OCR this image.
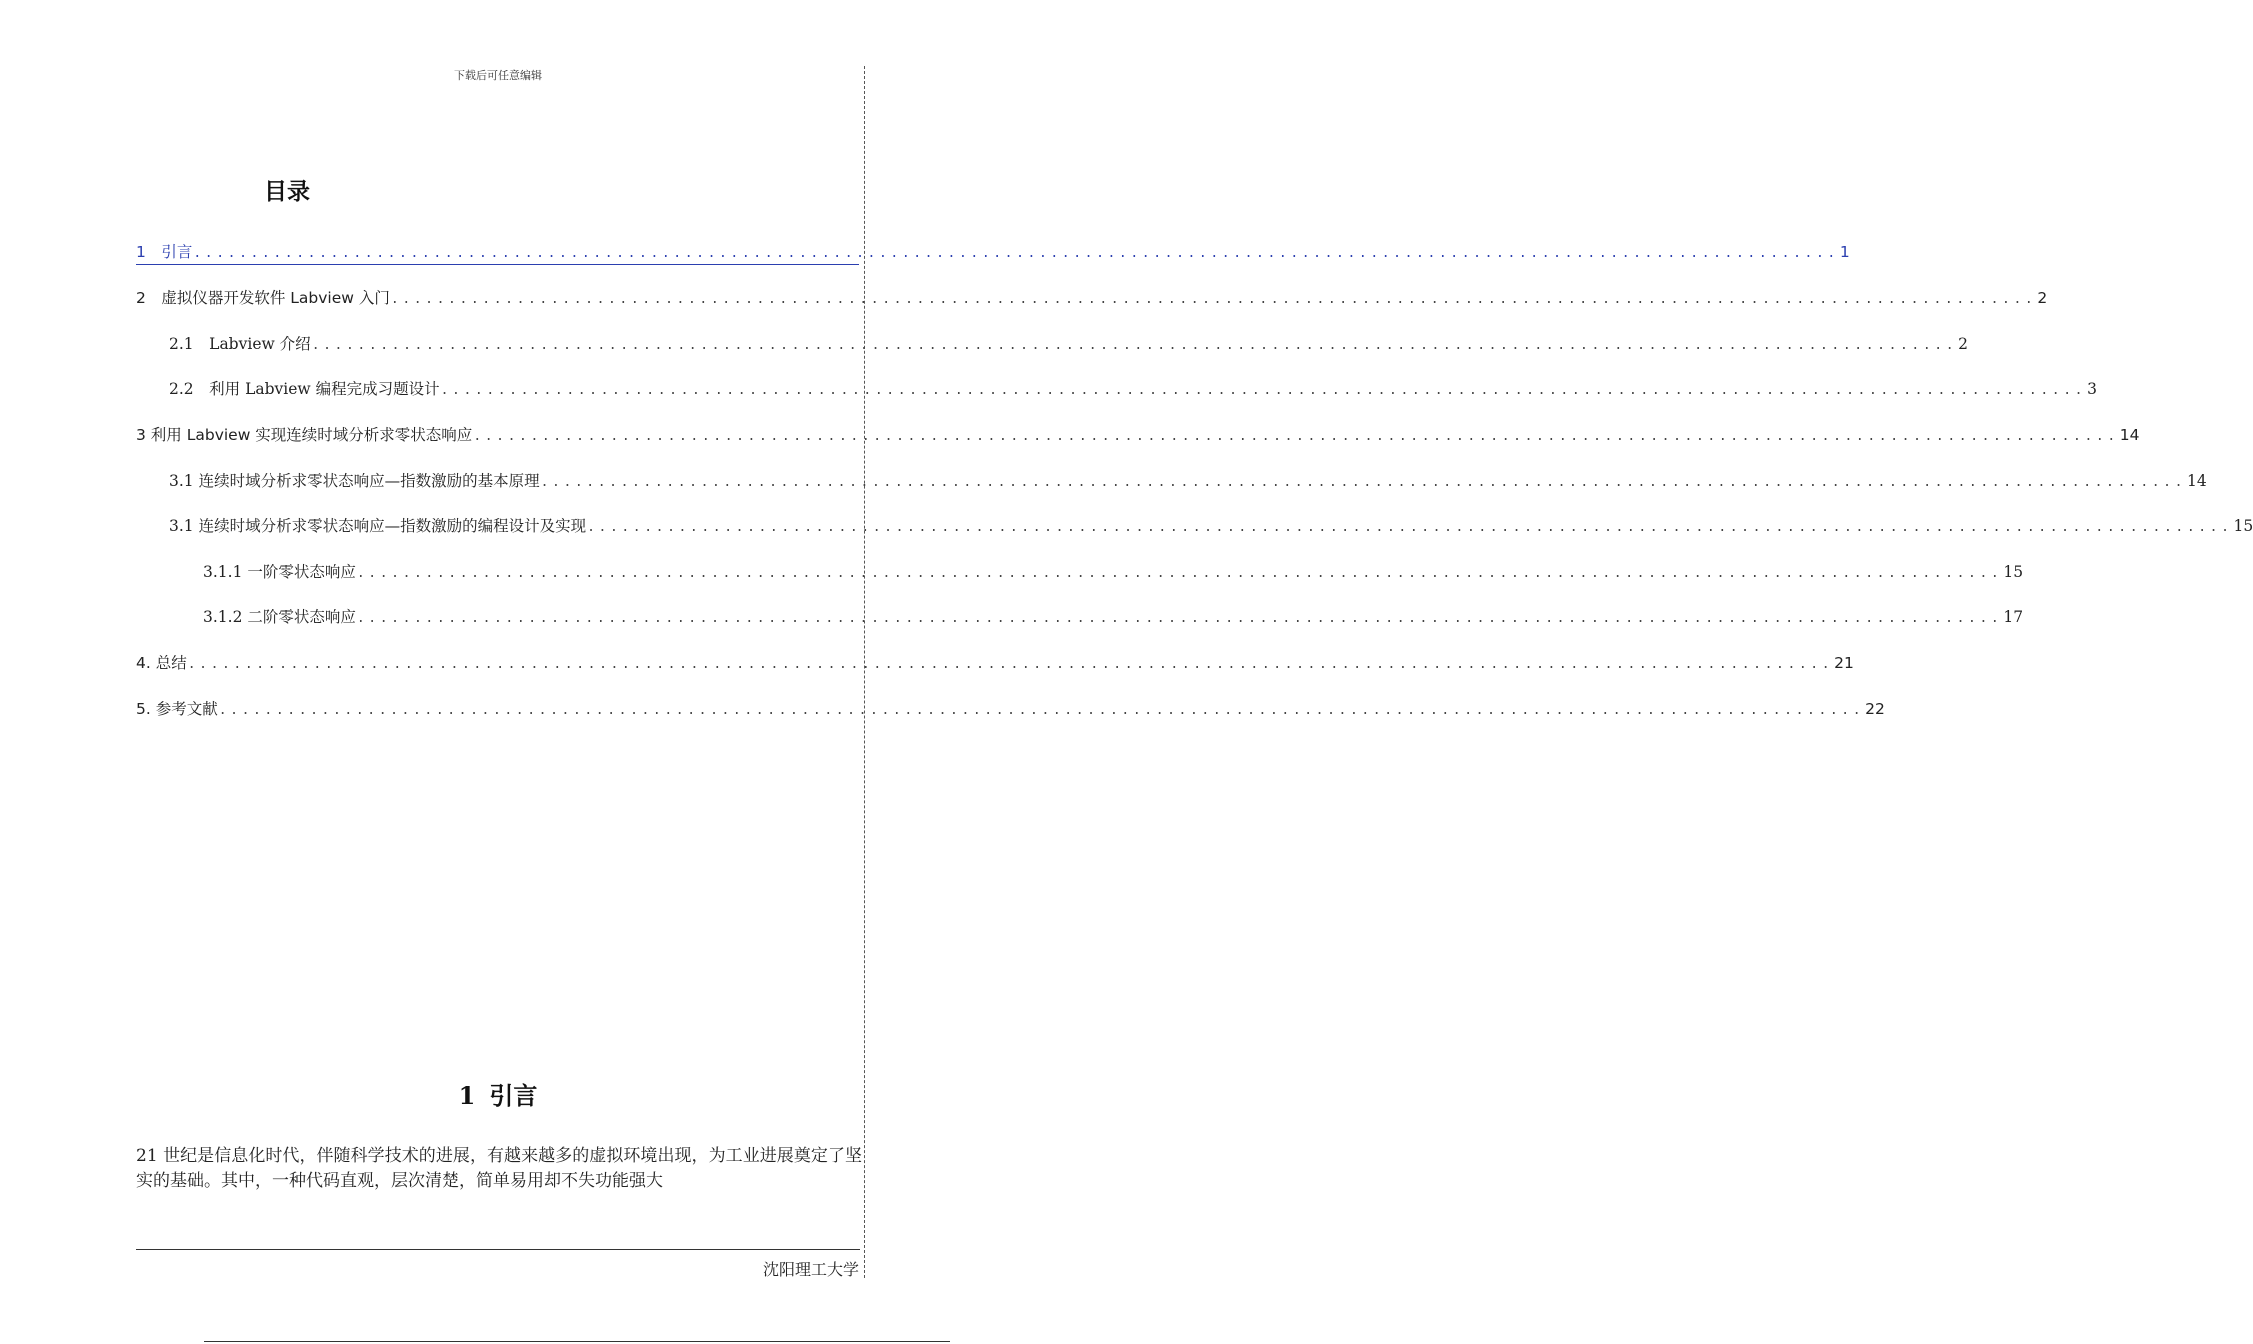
下载后可任意编辑
目录
1　引言 ................................................................................................................................................ 1
2　虚拟仪器开发软件 Labview 入门 ................................................................................................................................................ 2
2.1　Labview 介绍 ................................................................................................................................................ 2
2.2　利用 Labview 编程完成习题设计 ................................................................................................................................................ 3
3 利用 Labview 实现连续时域分析求零状态响应 ................................................................................................................................................ 14
3.1 连续时域分析求零状态响应—指数激励的基本原理 ................................................................................................................................................ 14
3.1 连续时域分析求零状态响应—指数激励的编程设计及实现 ................................................................................................................................................ 15
3.1.1 一阶零状态响应 ................................................................................................................................................ 15
3.1.2 二阶零状态响应 ................................................................................................................................................ 17
4. 总结 ................................................................................................................................................ 21
5. 参考文献 ................................................................................................................................................ 22
1 引言
21 世纪是信息化时代，伴随科学技术的进展，有越来越多的虚拟环境出现，为工业进展奠定了坚实的基础。其中，一种代码直观，层次清楚，简单易用却不失功能强大
沈阳理工大学
